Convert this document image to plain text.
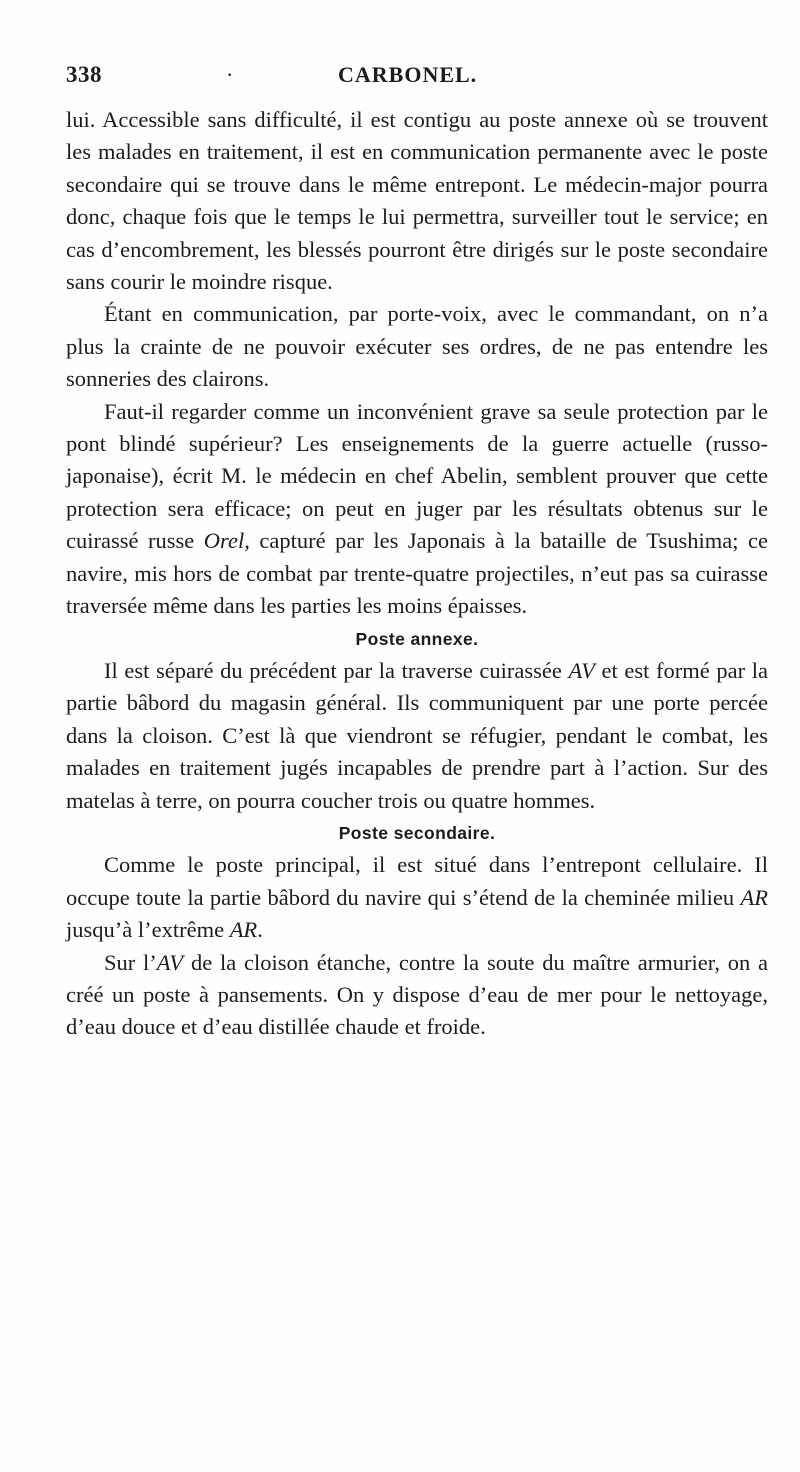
338	·	CARBONEL.

lui. Accessible sans difficulté, il est contigu au poste annexe où se trouvent les malades en traitement, il est en communication permanente avec le poste secondaire qui se trouve dans le même entrepont. Le médecin-major pourra donc, chaque fois que le temps le lui permettra, surveiller tout le service; en cas d’encombrement, les blessés pourront être dirigés sur le poste secondaire sans courir le moindre risque.

Étant en communication, par porte-voix, avec le commandant, on n’a plus la crainte de ne pouvoir exécuter ses ordres, de ne pas entendre les sonneries des clairons.

Faut-il regarder comme un inconvénient grave sa seule protection par le pont blindé supérieur? Les enseignements de la guerre actuelle (russo-japonaise), écrit M. le médecin en chef Abelin, semblent prouver que cette protection sera efficace; on peut en juger par les résultats obtenus sur le cuirassé russe Orel, capturé par les Japonais à la bataille de Tsushima; ce navire, mis hors de combat par trente-quatre projectiles, n’eut pas sa cuirasse traversée même dans les parties les moins épaisses.

Poste annexe.

Il est séparé du précédent par la traverse cuirassée AV et est formé par la partie bâbord du magasin général. Ils communiquent par une porte percée dans la cloison. C’est là que viendront se réfugier, pendant le combat, les malades en traitement jugés incapables de prendre part à l’action. Sur des matelas à terre, on pourra coucher trois ou quatre hommes.

Poste secondaire.

Comme le poste principal, il est situé dans l’entrepont cellulaire. Il occupe toute la partie bâbord du navire qui s’étend de la cheminée milieu AR jusqu’à l’extrême AR.

Sur l’AV de la cloison étanche, contre la soute du maître armurier, on a créé un poste à pansements. On y dispose d’eau de mer pour le nettoyage, d’eau douce et d’eau distillée chaude et froide.
